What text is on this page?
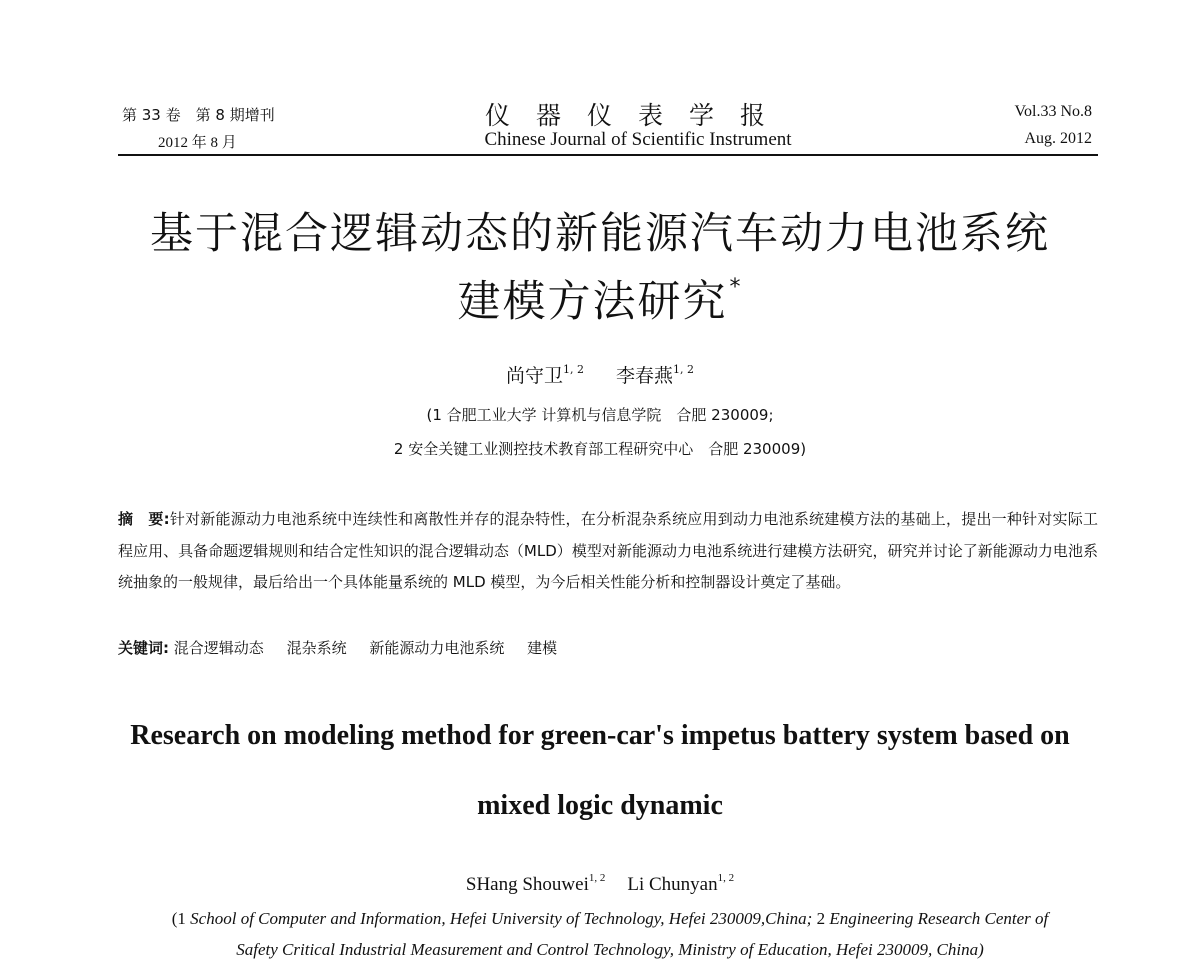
第 33 卷　第 8 期增刊
2012 年 8 月
仪器仪表学报
Chinese Journal of Scientific Instrument
Vol.33 No.8
Aug. 2012
基于混合逻辑动态的新能源汽车动力电池系统
建模方法研究*
尚守卫$^{1, 2}$ 李春燕$^{1, 2}$
(1 合肥工业大学 计算机与信息学院　合肥 230009;
2 安全关键工业测控技术教育部工程研究中心　合肥 230009)
摘　要:针对新能源动力电池系统中连续性和离散性并存的混杂特性，在分析混杂系统应用到动力电池系统建模方法的基础上，提出一种针对实际工程应用、具备命题逻辑规则和结合定性知识的混合逻辑动态（MLD）模型对新能源动力电池系统进行建模方法研究，研究并讨论了新能源动力电池系统抽象的一般规律，最后给出一个具体能量系统的 MLD 模型，为今后相关性能分析和控制器设计奠定了基础。
关键词: 混合逻辑动态 混杂系统 新能源动力电池系统 建模
Research on modeling method for green-car's impetus battery system based on
mixed logic dynamic
SHang Shouwei$^{1, 2}$ Li Chunyan$^{1, 2}$
(1 School of Computer and Information, Hefei University of Technology, Hefei 230009,China; 2 Engineering Research Center of
Safety Critical Industrial Measurement and Control Technology, Ministry of Education, Hefei 230009, China)
